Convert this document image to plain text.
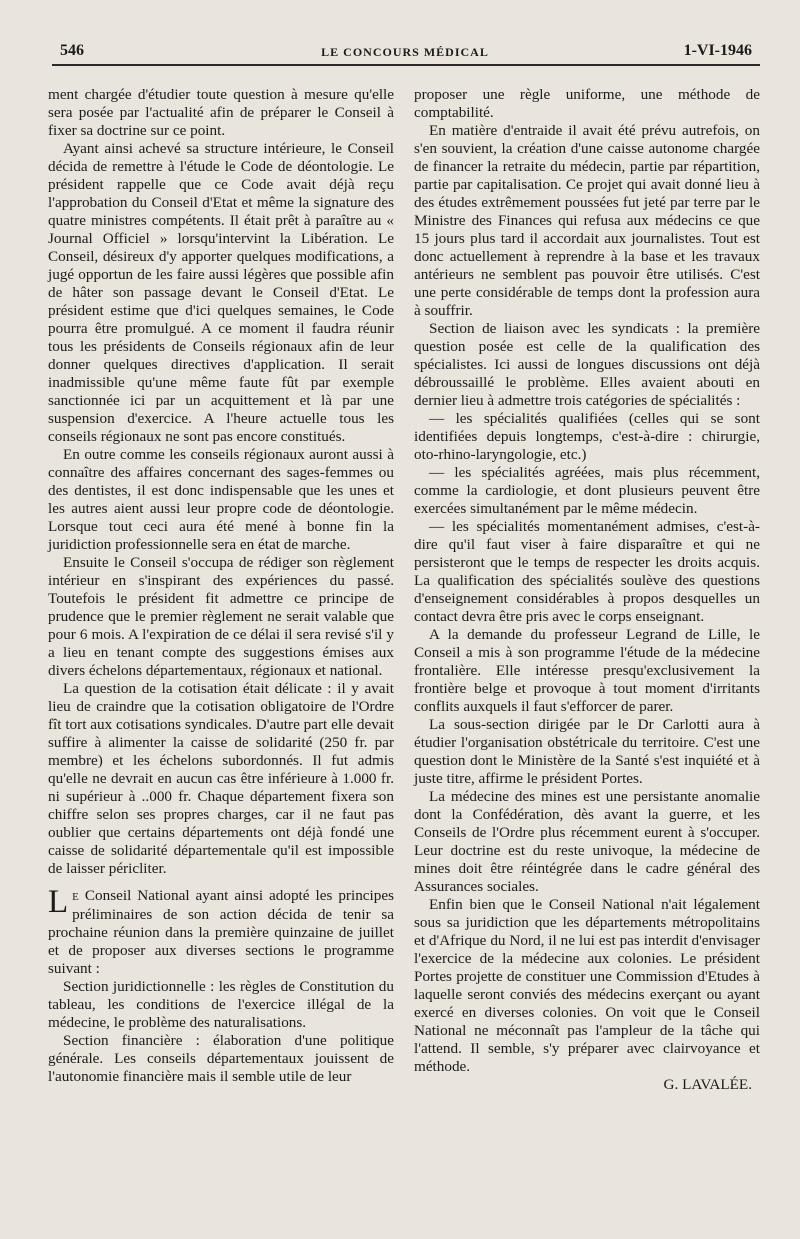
546	LE CONCOURS MÉDICAL	1-VI-1946

ment chargée d'étudier toute question à mesure qu'elle sera posée par l'actualité afin de préparer le Conseil à fixer sa doctrine sur ce point.

Ayant ainsi achevé sa structure intérieure, le Conseil décida de remettre à l'étude le Code de déontologie. Le président rappelle que ce Code avait déjà reçu l'approbation du Conseil d'Etat et même la signature des quatre ministres compétents. Il était prêt à paraître au « Journal Officiel » lorsqu'intervint la Libération. Le Conseil, désireux d'y apporter quelques modifications, a jugé opportun de les faire aussi légères que possible afin de hâter son passage devant le Conseil d'Etat. Le président estime que d'ici quelques semaines, le Code pourra être promulgué. A ce moment il faudra réunir tous les présidents de Conseils régionaux afin de leur donner quelques directives d'application. Il serait inadmissible qu'une même faute fût par exemple sanctionnée ici par un acquittement et là par une suspension d'exercice. A l'heure actuelle tous les conseils régionaux ne sont pas encore constitués.

En outre comme les conseils régionaux auront aussi à connaître des affaires concernant des sages-femmes ou des dentistes, il est donc indispensable que les unes et les autres aient aussi leur propre code de déontologie. Lorsque tout ceci aura été mené à bonne fin la juridiction professionnelle sera en état de marche.

Ensuite le Conseil s'occupa de rédiger son règlement intérieur en s'inspirant des expériences du passé. Toutefois le président fit admettre ce principe de prudence que le premier règlement ne serait valable que pour 6 mois. A l'expiration de ce délai il sera revisé s'il y a lieu en tenant compte des suggestions émises aux divers échelons départementaux, régionaux et national.

La question de la cotisation était délicate : il y avait lieu de craindre que la cotisation obligatoire de l'Ordre fît tort aux cotisations syndicales. D'autre part elle devait suffire à alimenter la caisse de solidarité (250 fr. par membre) et les échelons subordonnés. Il fut admis qu'elle ne devrait en aucun cas être inférieure à 1.000 fr. ni supérieur à ..000 fr. Chaque département fixera son chiffre selon ses propres charges, car il ne faut pas oublier que certains départements ont déjà fondé une caisse de solidarité départementale qu'il est impossible de laisser péricliter.

L E Conseil National ayant ainsi adopté les principes préliminaires de son action décida de tenir sa prochaine réunion dans la première quinzaine de juillet et de proposer aux diverses sections le programme suivant :

Section juridictionnelle : les règles de Constitution du tableau, les conditions de l'exercice illégal de la médecine, le problème des naturalisations.

Section financière : élaboration d'une politique générale. Les conseils départementaux jouissent de l'autonomie financière mais il semble utile de leur

proposer une règle uniforme, une méthode de comptabilité.

En matière d'entraide il avait été prévu autrefois, on s'en souvient, la création d'une caisse autonome chargée de financer la retraite du médecin, partie par répartition, partie par capitalisation. Ce projet qui avait donné lieu à des études extrêmement poussées fut jeté par terre par le Ministre des Finances qui refusa aux médecins ce que 15 jours plus tard il accordait aux journalistes. Tout est donc actuellement à reprendre à la base et les travaux antérieurs ne semblent pas pouvoir être utilisés. C'est une perte considérable de temps dont la profession aura à souffrir.

Section de liaison avec les syndicats : la première question posée est celle de la qualification des spécialistes. Ici aussi de longues discussions ont déjà débroussaillé le problème. Elles avaient abouti en dernier lieu à admettre trois catégories de spécialités :

— les spécialités qualifiées (celles qui se sont identifiées depuis longtemps, c'est-à-dire : chirurgie, oto-rhino-laryngologie, etc.)

— les spécialités agréées, mais plus récemment, comme la cardiologie, et dont plusieurs peuvent être exercées simultanément par le même médecin.

— les spécialités momentanément admises, c'est-à-dire qu'il faut viser à faire disparaître et qui ne persisteront que le temps de respecter les droits acquis. La qualification des spécialités soulève des questions d'enseignement considérables à propos desquelles un contact devra être pris avec le corps enseignant.

A la demande du professeur Legrand de Lille, le Conseil a mis à son programme l'étude de la médecine frontalière. Elle intéresse presqu'exclusivement la frontière belge et provoque à tout moment d'irritants conflits auxquels il faut s'efforcer de parer.

La sous-section dirigée par le Dr Carlotti aura à étudier l'organisation obstétricale du territoire. C'est une question dont le Ministère de la Santé s'est inquiété et à juste titre, affirme le président Portes.

La médecine des mines est une persistante anomalie dont la Confédération, dès avant la guerre, et les Conseils de l'Ordre plus récemment eurent à s'occuper. Leur doctrine est du reste univoque, la médecine de mines doit être réintégrée dans le cadre général des Assurances sociales.

Enfin bien que le Conseil National n'ait légalement sous sa juridiction que les départements métropolitains et d'Afrique du Nord, il ne lui est pas interdit d'envisager l'exercice de la médecine aux colonies. Le président Portes projette de constituer une Commission d'Etudes à laquelle seront conviés des médecins exerçant ou ayant exercé en diverses colonies. On voit que le Conseil National ne méconnaît pas l'ampleur de la tâche qui l'attend. Il semble, s'y préparer avec clairvoyance et méthode.

G. LAVALÉE.
